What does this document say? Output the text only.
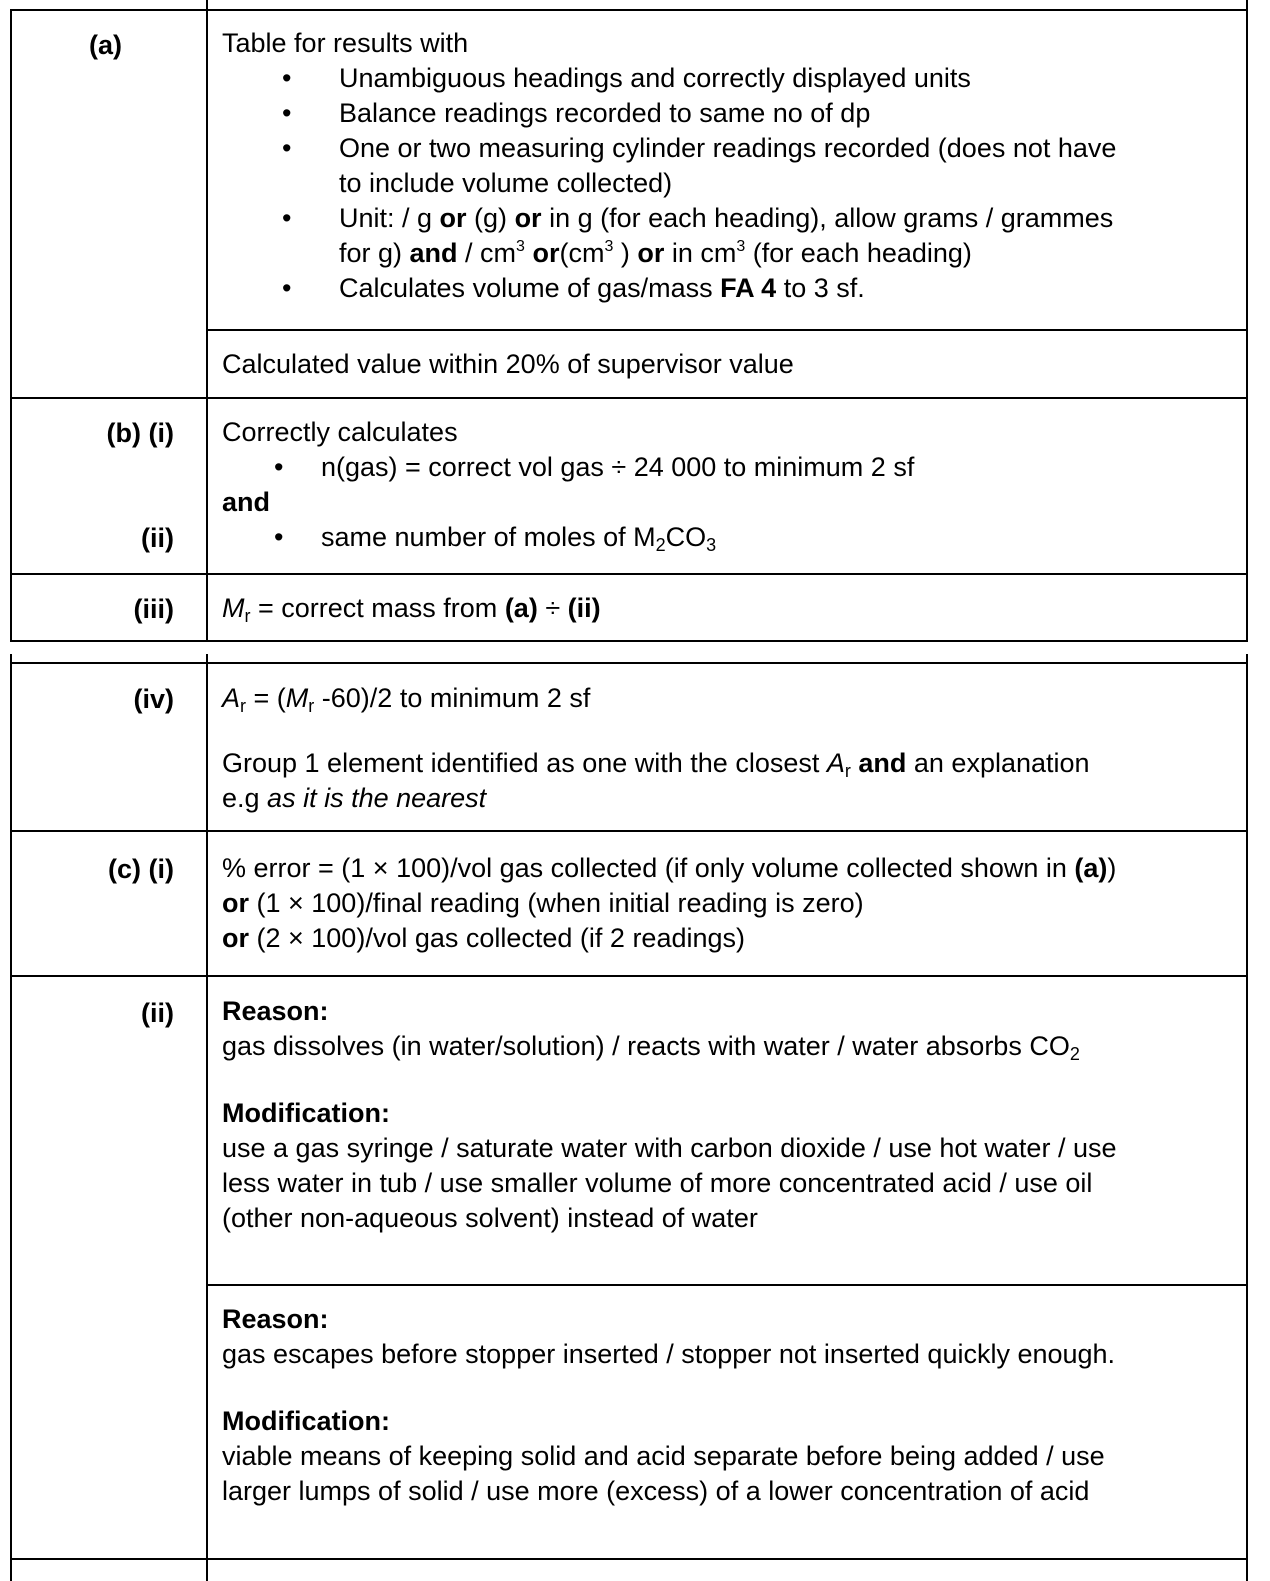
(a)	Table for results with
• Unambiguous headings and correctly displayed units
• Balance readings recorded to same no of dp
• One or two measuring cylinder readings recorded (does not have
to include volume collected)
• Unit: / g or (g) or in g (for each heading), allow grams / grammes
for g) and / $cm^3$ $or(cm^3$ ) or in $cm^3$ (for each heading)
• Calculates volume of gas/mass FA 4 to 3 sf.
Calculated value within 20% of supervisor value
(b) (i)
(ii)
Correctly calculates
• n(gas) = correct vol gas ÷ 24 000 to minimum 2 sf
and
• same number of moles of $M_2CO_3$
(iii) $M_r$ = correct mass from (a) ÷ (ii)
(iv) $A_r = (M_r$ -60)/2 to minimum 2 sf
Group 1 element identified as one with the closest $A_r$ and an explanation
e.g as it is the nearest
(c) (i) % error = (1 × 100)/vol gas collected (if only volume collected shown in (a))
or (1 × 100)/final reading (when initial reading is zero)
or (2 × 100)/vol gas collected (if 2 readings)
(ii) Reason:
gas dissolves (in water/solution) / reacts with water / water absorbs $CO_2$
Modification:
use a gas syringe / saturate water with carbon dioxide / use hot water / use
less water in tub / use smaller volume of more concentrated acid / use oil
(other non-aqueous solvent) instead of water
Reason:
gas escapes before stopper inserted / stopper not inserted quickly enough.
Modification:
viable means of keeping solid and acid separate before being added / use
larger lumps of solid / use more (excess) of a lower concentration of acid
